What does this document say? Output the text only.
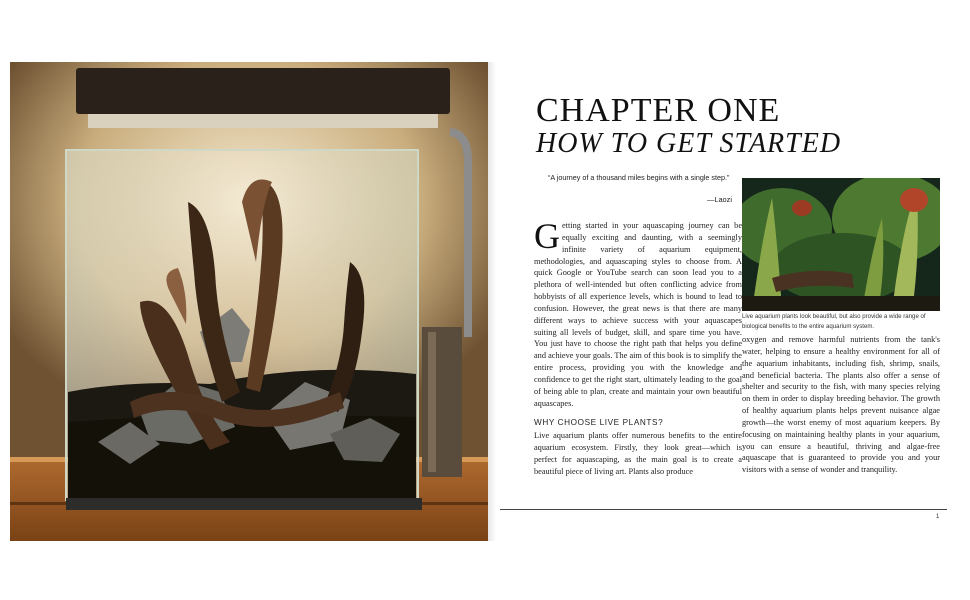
CHAPTER ONE
HOW TO GET STARTED
“A journey of a thousand miles begins with a single step.”
—Laozi

Getting started in your aquascaping journey can be equally exciting and daunting, with a seemingly infinite variety of aquarium equipment, methodologies, and aquascaping styles to choose from. A quick Google or YouTube search can soon lead you to a plethora of well-intended but often conflicting advice from hobbyists of all experience levels, which is bound to lead to confusion. However, the great news is that there are many different ways to achieve success with your aquascapes suiting all levels of budget, skill, and spare time you have. You just have to choose the right path that helps you define and achieve your goals. The aim of this book is to simplify the entire process, providing you with the knowledge and confidence to get the right start, ultimately leading to the goal of being able to plan, create and maintain your own beautiful aquascapes.

WHY CHOOSE LIVE PLANTS?

Live aquarium plants offer numerous benefits to the entire aquarium ecosystem. Firstly, they look great—which is perfect for aquascaping, as the main goal is to create a beautiful piece of living art. Plants also produce

Live aquarium plants look beautiful, but also provide a wide range of biological benefits to the entire aquarium system.

oxygen and remove harmful nutrients from the tank's water, helping to ensure a healthy environment for all of the aquarium inhabitants, including fish, shrimp, snails, and beneficial bacteria. The plants also offer a sense of shelter and security to the fish, with many species relying on them in order to display breeding behavior. The growth of healthy aquarium plants helps prevent nuisance algae growth—the worst enemy of most aquarium keepers. By focusing on maintaining healthy plants in your aquarium, you can ensure a beautiful, thriving and algae-free aquascape that is guaranteed to provide you and your visitors with a sense of wonder and tranquility.

1
